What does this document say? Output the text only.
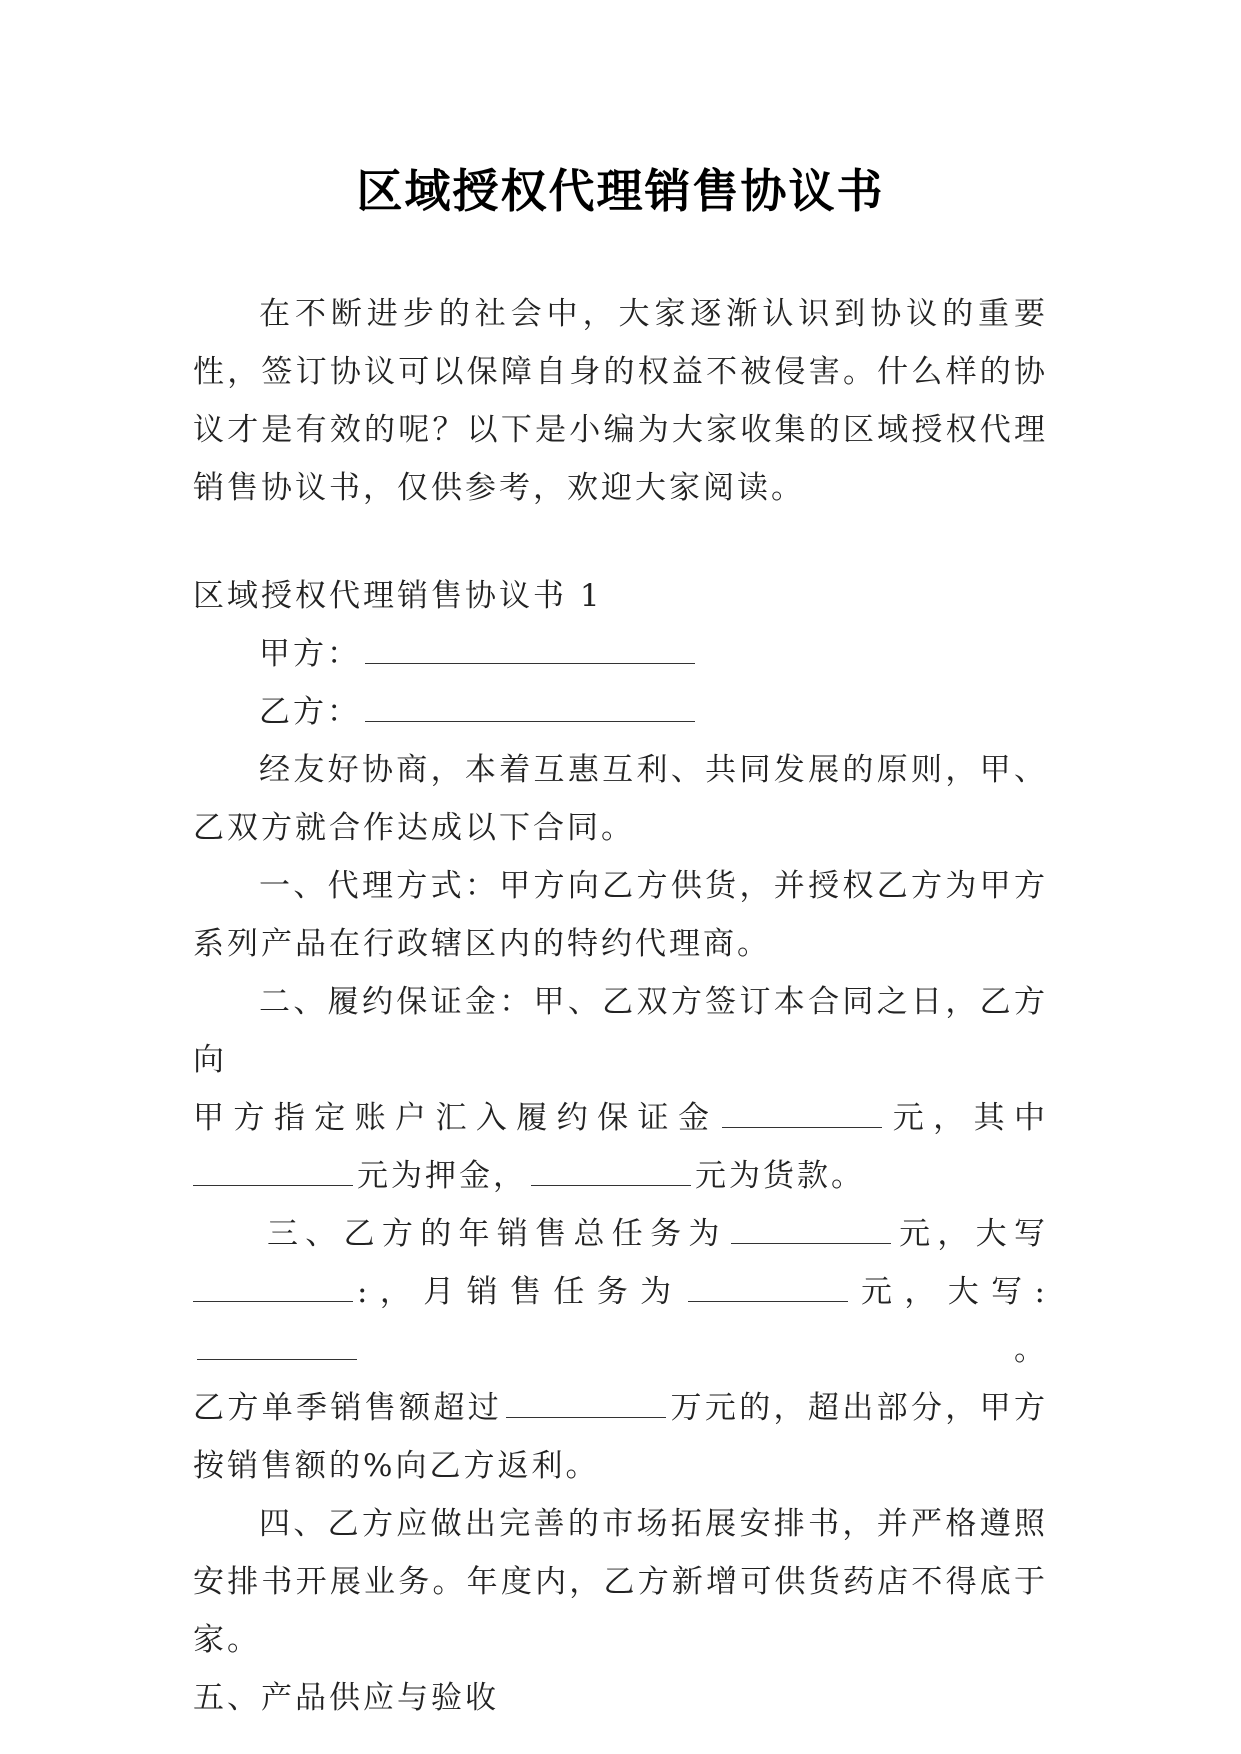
区域授权代理销售协议书

在不断进步的社会中，大家逐渐认识到协议的重要性，签订协议可以保障自身的权益不被侵害。什么样的协议才是有效的呢？以下是小编为大家收集的区域授权代理销售协议书，仅供参考，欢迎大家阅读。

区域授权代理销售协议书 1

甲方：

乙方：

经友好协商，本着互惠互利、共同发展的原则，甲、乙双方就合作达成以下合同。

一、代理方式：甲方向乙方供货，并授权乙方为甲方系列产品在行政辖区内的特约代理商。

二、履约保证金：甲、乙双方签订本合同之日，乙方向

甲方指定账户汇入履约保证金	元，其中

元为押金，	元为货款。

三、乙方的年销售总任务为	元，大写

:，月销售任务为	元，大写:。

乙方单季销售额超过	万元的，超出部分，甲方按销售额的%向乙方返利。

四、乙方应做出完善的市场拓展安排书，并严格遵照安排书开展业务。年度内，乙方新增可供货药店不得底于家。

五、产品供应与验收
